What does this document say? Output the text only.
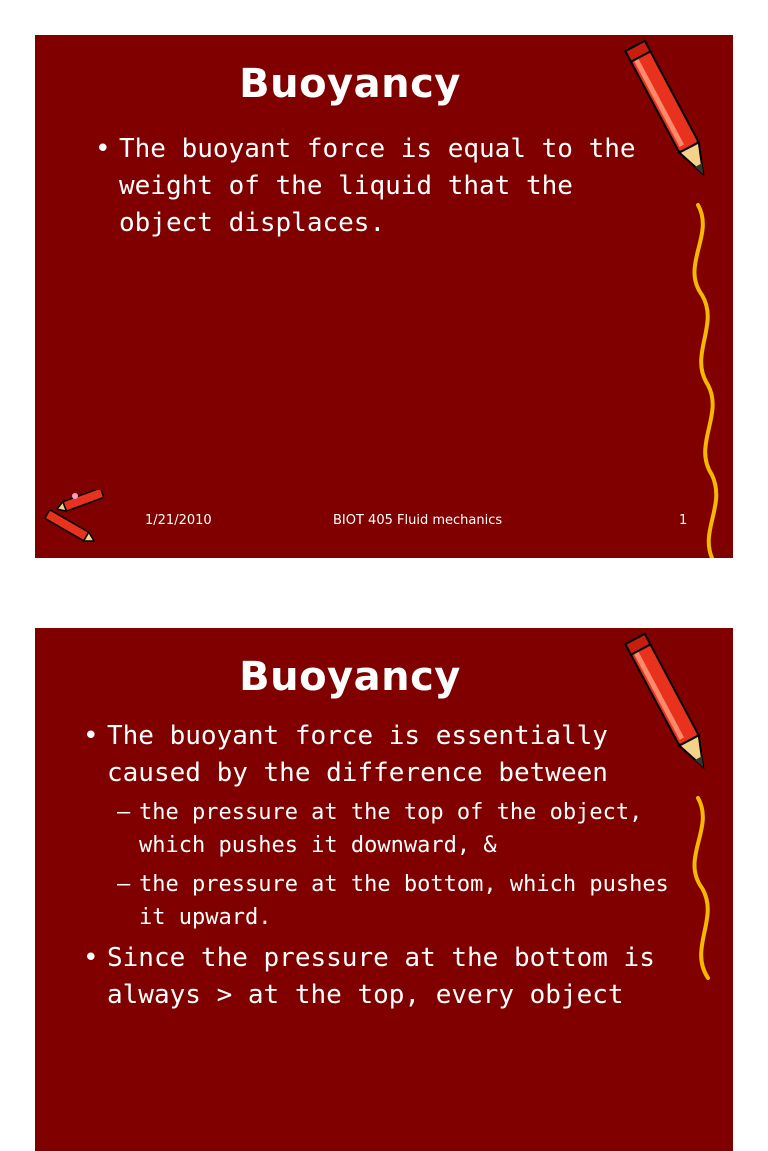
Buoyancy
• The buoyant force is equal to the weight of the liquid that the object displaces.
1/21/2010	BIOT 405 Fluid mechanics	1
Buoyancy
• The buoyant force is essentially caused by the difference between
– the pressure at the top of the object, which pushes it downward, &
– the pressure at the bottom, which pushes it upward.
• Since the pressure at the bottom is always > at the top, every object
